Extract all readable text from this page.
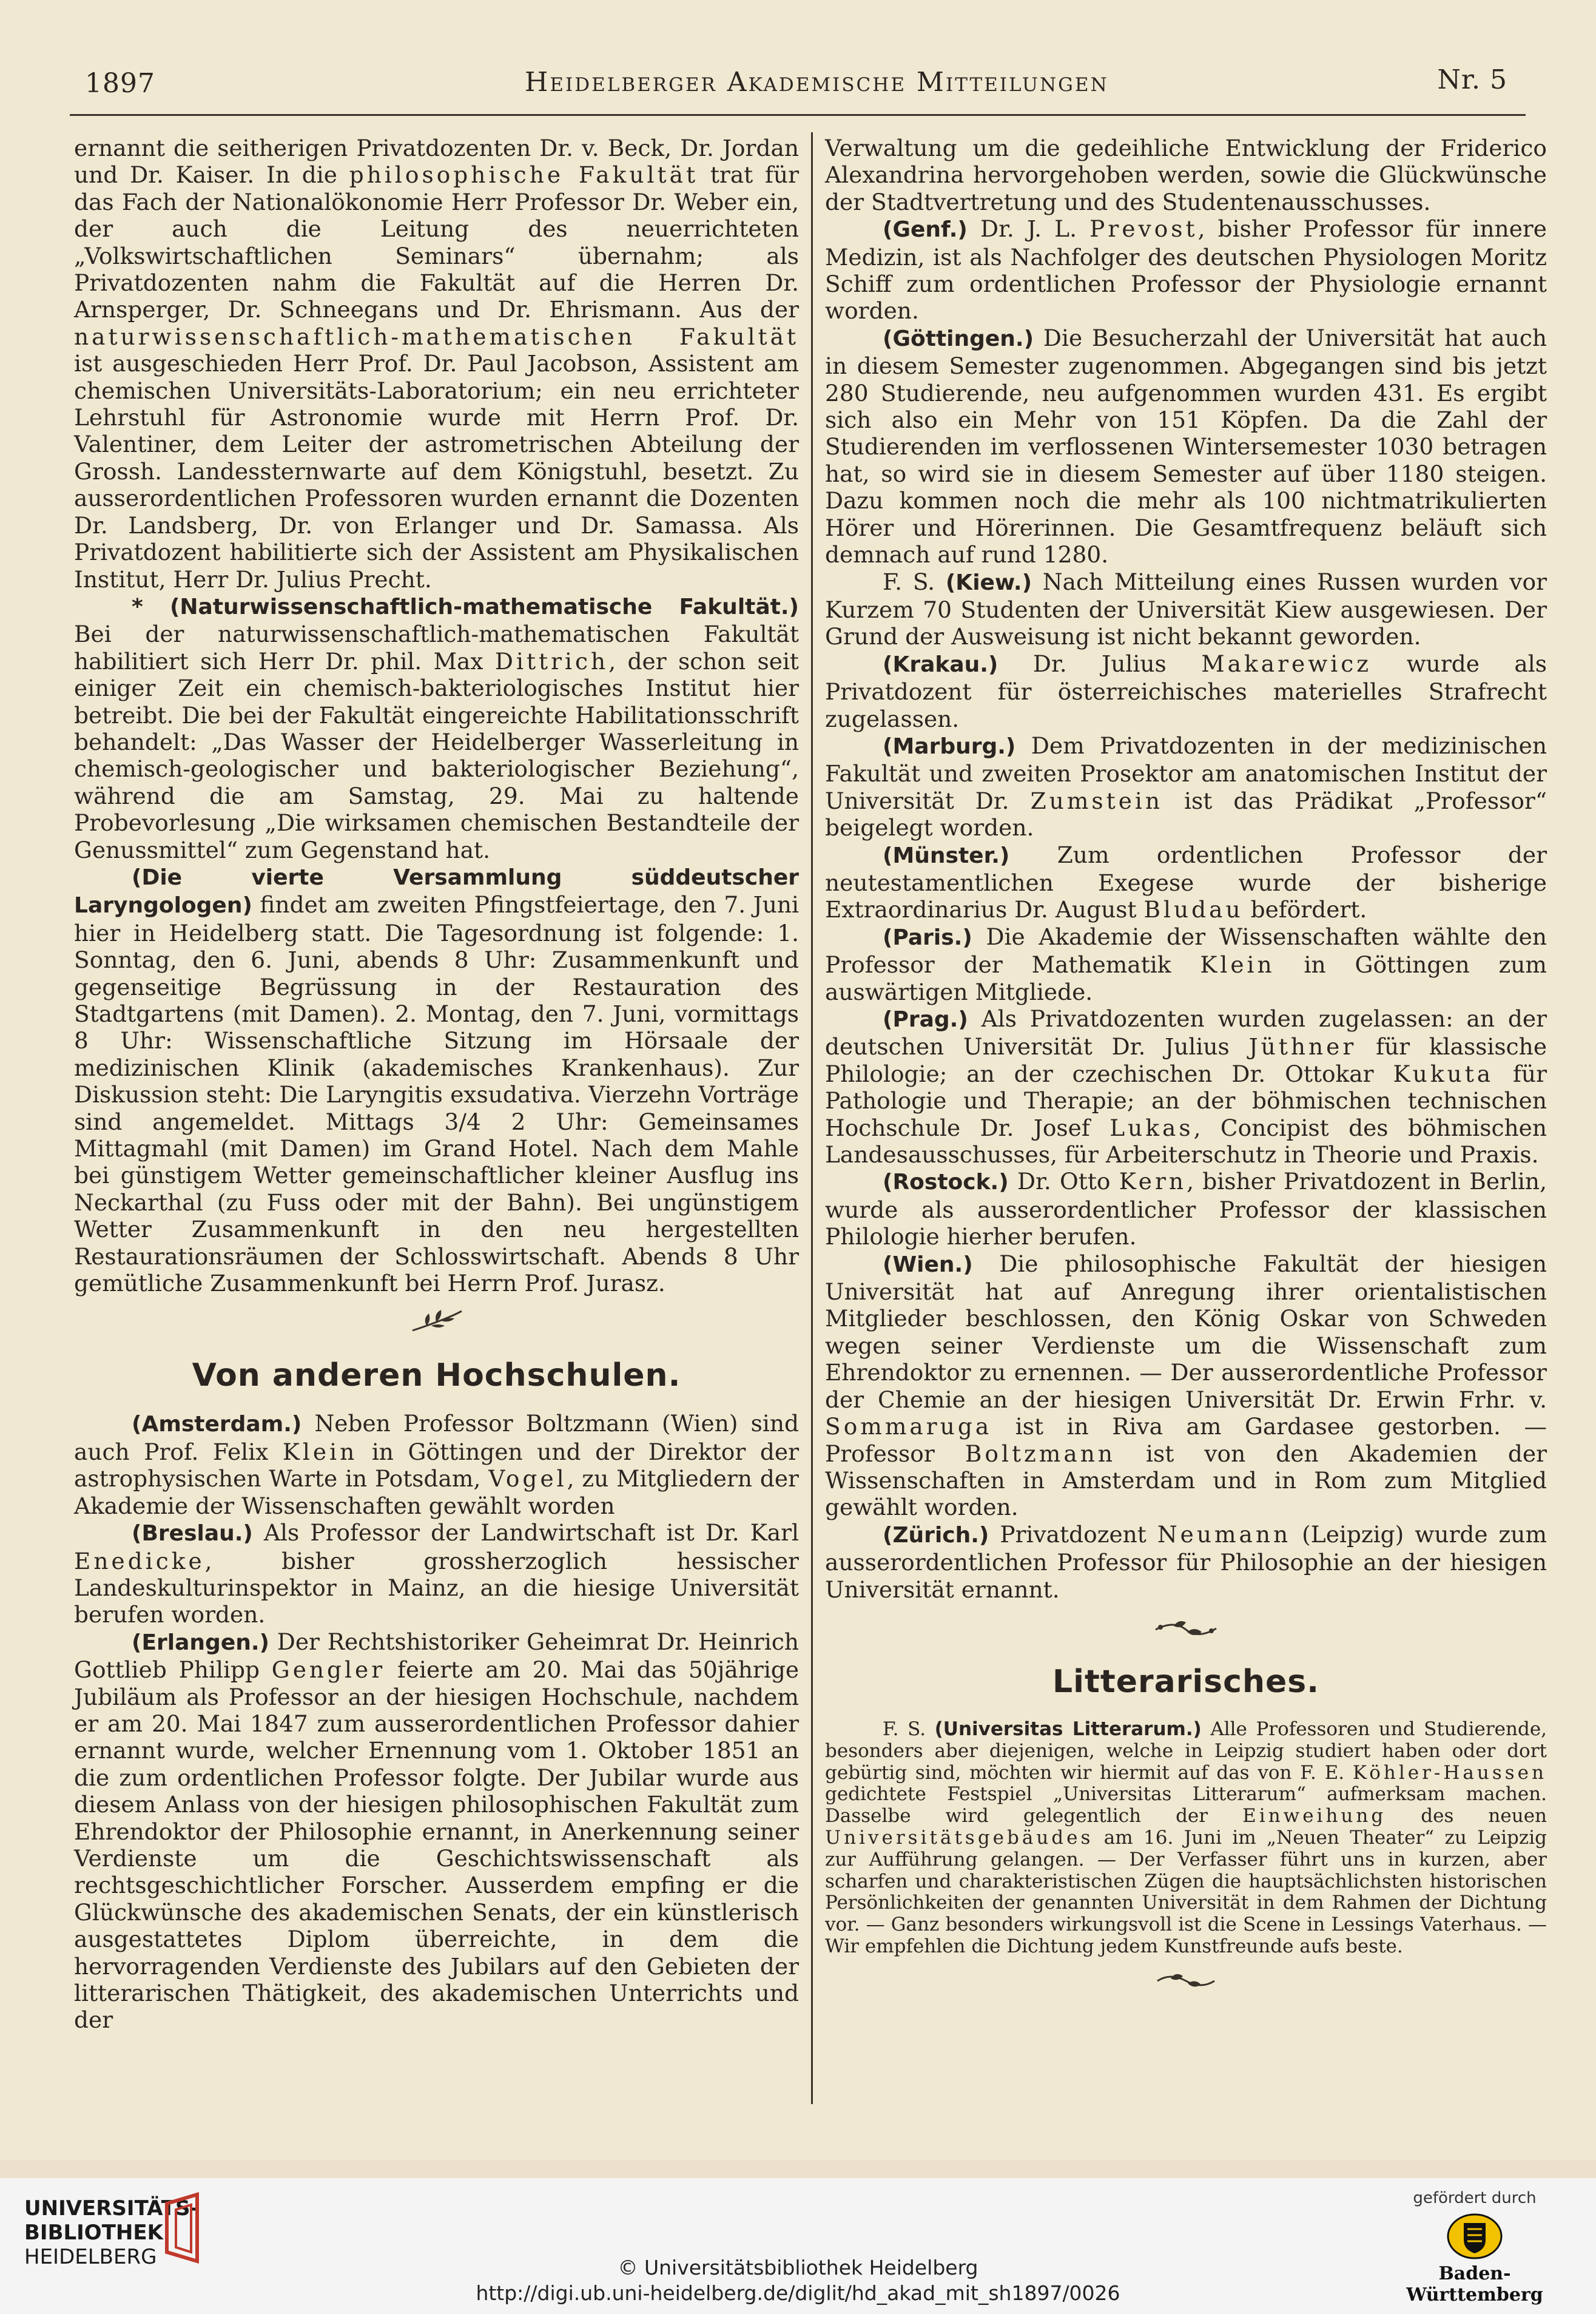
1897	Heidelberger Akademische Mitteilungen	Nr. 5

ernannt die seitherigen Privatdozenten Dr. v. Beck, Dr. Jordan und Dr. Kaiser. In die philosophische Fakultät trat für das Fach der Nationalökonomie Herr Professor Dr. Weber ein, der auch die Leitung des neuerrichteten „Volkswirtschaftlichen Seminars“ übernahm; als Privatdozenten nahm die Fakultät auf die Herren Dr. Arnsperger, Dr. Schneegans und Dr. Ehrismann. Aus der naturwissenschaftlich-mathematischen Fakultät ist ausgeschieden Herr Prof. Dr. Paul Jacobson, Assistent am chemischen Universitäts-Laboratorium; ein neu errichteter Lehrstuhl für Astronomie wurde mit Herrn Prof. Dr. Valentiner, dem Leiter der astrometrischen Abteilung der Grossh. Landessternwarte auf dem Königstuhl, besetzt. Zu ausserordentlichen Professoren wurden ernannt die Dozenten Dr. Landsberg, Dr. von Erlanger und Dr. Samassa. Als Privatdozent habilitierte sich der Assistent am Physikalischen Institut, Herr Dr. Julius Precht.

* (Naturwissenschaftlich-mathematische Fakultät.) Bei der naturwissenschaftlich-mathematischen Fakultät habilitiert sich Herr Dr. phil. Max Dittrich, der schon seit einiger Zeit ein chemisch-bakteriologisches Institut hier betreibt. Die bei der Fakultät eingereichte Habilitationsschrift behandelt: „Das Wasser der Heidelberger Wasserleitung in chemisch-geologischer und bakteriologischer Beziehung“, während die am Samstag, 29. Mai zu haltende Probevorlesung „Die wirksamen chemischen Bestandteile der Genussmittel“ zum Gegenstand hat.

(Die vierte Versammlung süddeutscher Laryngologen) findet am zweiten Pfingstfeiertage, den 7. Juni hier in Heidelberg statt. Die Tagesordnung ist folgende: 1. Sonntag, den 6. Juni, abends 8 Uhr: Zusammenkunft und gegenseitige Begrüssung in der Restauration des Stadtgartens (mit Damen). 2. Montag, den 7. Juni, vormittags 8 Uhr: Wissenschaftliche Sitzung im Hörsaale der medizinischen Klinik (akademisches Krankenhaus). Zur Diskussion steht: Die Laryngitis exsudativa. Vierzehn Vorträge sind angemeldet. Mittags 3/4 2 Uhr: Gemeinsames Mittagmahl (mit Damen) im Grand Hotel. Nach dem Mahle bei günstigem Wetter gemeinschaftlicher kleiner Ausflug ins Neckarthal (zu Fuss oder mit der Bahn). Bei ungünstigem Wetter Zusammenkunft in den neu hergestellten Restaurationsräumen der Schlosswirtschaft. Abends 8 Uhr gemütliche Zusammenkunft bei Herrn Prof. Jurasz.

Von anderen Hochschulen.

(Amsterdam.) Neben Professor Boltzmann (Wien) sind auch Prof. Felix Klein in Göttingen und der Direktor der astrophysischen Warte in Potsdam, Vogel, zu Mitgliedern der Akademie der Wissenschaften gewählt worden

(Breslau.) Als Professor der Landwirtschaft ist Dr. Karl Enedicke, bisher grossherzoglich hessischer Landeskulturinspektor in Mainz, an die hiesige Universität berufen worden.

(Erlangen.) Der Rechtshistoriker Geheimrat Dr. Heinrich Gottlieb Philipp Gengler feierte am 20. Mai das 50jährige Jubiläum als Professor an der hiesigen Hochschule, nachdem er am 20. Mai 1847 zum ausserordentlichen Professor dahier ernannt wurde, welcher Ernennung vom 1. Oktober 1851 an die zum ordentlichen Professor folgte. Der Jubilar wurde aus diesem Anlass von der hiesigen philosophischen Fakultät zum Ehrendoktor der Philosophie ernannt, in Anerkennung seiner Verdienste um die Geschichtswissenschaft als rechtsgeschichtlicher Forscher. Ausserdem empfing er die Glückwünsche des akademischen Senats, der ein künstlerisch ausgestattetes Diplom überreichte, in dem die hervorragenden Verdienste des Jubilars auf den Gebieten der litterarischen Thätigkeit, des akademischen Unterrichts und der

Verwaltung um die gedeihliche Entwicklung der Friderico Alexandrina hervorgehoben werden, sowie die Glückwünsche der Stadtvertretung und des Studentenausschusses.

(Genf.) Dr. J. L. Prevost, bisher Professor für innere Medizin, ist als Nachfolger des deutschen Physiologen Moritz Schiff zum ordentlichen Professor der Physiologie ernannt worden.

(Göttingen.) Die Besucherzahl der Universität hat auch in diesem Semester zugenommen. Abgegangen sind bis jetzt 280 Studierende, neu aufgenommen wurden 431. Es ergibt sich also ein Mehr von 151 Köpfen. Da die Zahl der Studierenden im verflossenen Wintersemester 1030 betragen hat, so wird sie in diesem Semester auf über 1180 steigen. Dazu kommen noch die mehr als 100 nichtmatrikulierten Hörer und Hörerinnen. Die Gesamtfrequenz beläuft sich demnach auf rund 1280.

F. S. (Kiew.) Nach Mitteilung eines Russen wurden vor Kurzem 70 Studenten der Universität Kiew ausgewiesen. Der Grund der Ausweisung ist nicht bekannt geworden.

(Krakau.) Dr. Julius Makarewicz wurde als Privatdozent für österreichisches materielles Strafrecht zugelassen.

(Marburg.) Dem Privatdozenten in der medizinischen Fakultät und zweiten Prosektor am anatomischen Institut der Universität Dr. Zumstein ist das Prädikat „Professor“ beigelegt worden.

(Münster.) Zum ordentlichen Professor der neutestamentlichen Exegese wurde der bisherige Extraordinarius Dr. August Bludau befördert.

(Paris.) Die Akademie der Wissenschaften wählte den Professor der Mathematik Klein in Göttingen zum auswärtigen Mitgliede.

(Prag.) Als Privatdozenten wurden zugelassen: an der deutschen Universität Dr. Julius Jüthner für klassische Philologie; an der czechischen Dr. Ottokar Kukuta für Pathologie und Therapie; an der böhmischen technischen Hochschule Dr. Josef Lukas, Concipist des böhmischen Landesausschusses, für Arbeiterschutz in Theorie und Praxis.

(Rostock.) Dr. Otto Kern, bisher Privatdozent in Berlin, wurde als ausserordentlicher Professor der klassischen Philologie hierher berufen.

(Wien.) Die philosophische Fakultät der hiesigen Universität hat auf Anregung ihrer orientalistischen Mitglieder beschlossen, den König Oskar von Schweden wegen seiner Verdienste um die Wissenschaft zum Ehrendoktor zu ernennen. — Der ausserordentliche Professor der Chemie an der hiesigen Universität Dr. Erwin Frhr. v. Sommaruga ist in Riva am Gardasee gestorben. — Professor Boltzmann ist von den Akademien der Wissenschaften in Amsterdam und in Rom zum Mitglied gewählt worden.

(Zürich.) Privatdozent Neumann (Leipzig) wurde zum ausserordentlichen Professor für Philosophie an der hiesigen Universität ernannt.

Litterarisches.

F. S. (Universitas Litterarum.) Alle Professoren und Studierende, besonders aber diejenigen, welche in Leipzig studiert haben oder dort gebürtig sind, möchten wir hiermit auf das von F. E. Köhler-Haussen gedichtete Festspiel „Universitas Litterarum“ aufmerksam machen. Dasselbe wird gelegentlich der Einweihung des neuen Universitätsgebäudes am 16. Juni im „Neuen Theater“ zu Leipzig zur Aufführung gelangen. — Der Verfasser führt uns in kurzen, aber scharfen und charakteristischen Zügen die hauptsächlichsten historischen Persönlichkeiten der genannten Universität in dem Rahmen der Dichtung vor. — Ganz besonders wirkungsvoll ist die Scene in Lessings Vaterhaus. — Wir empfehlen die Dichtung jedem Kunstfreunde aufs beste.

UNIVERSITÄTS-
BIBLIOTHEK
HEIDELBERG	© Universitätsbibliothek Heidelberg
http://digi.ub.uni-heidelberg.de/diglit/hd_akad_mit_sh1897/0026
gefördert durch
Baden-Württemberg
